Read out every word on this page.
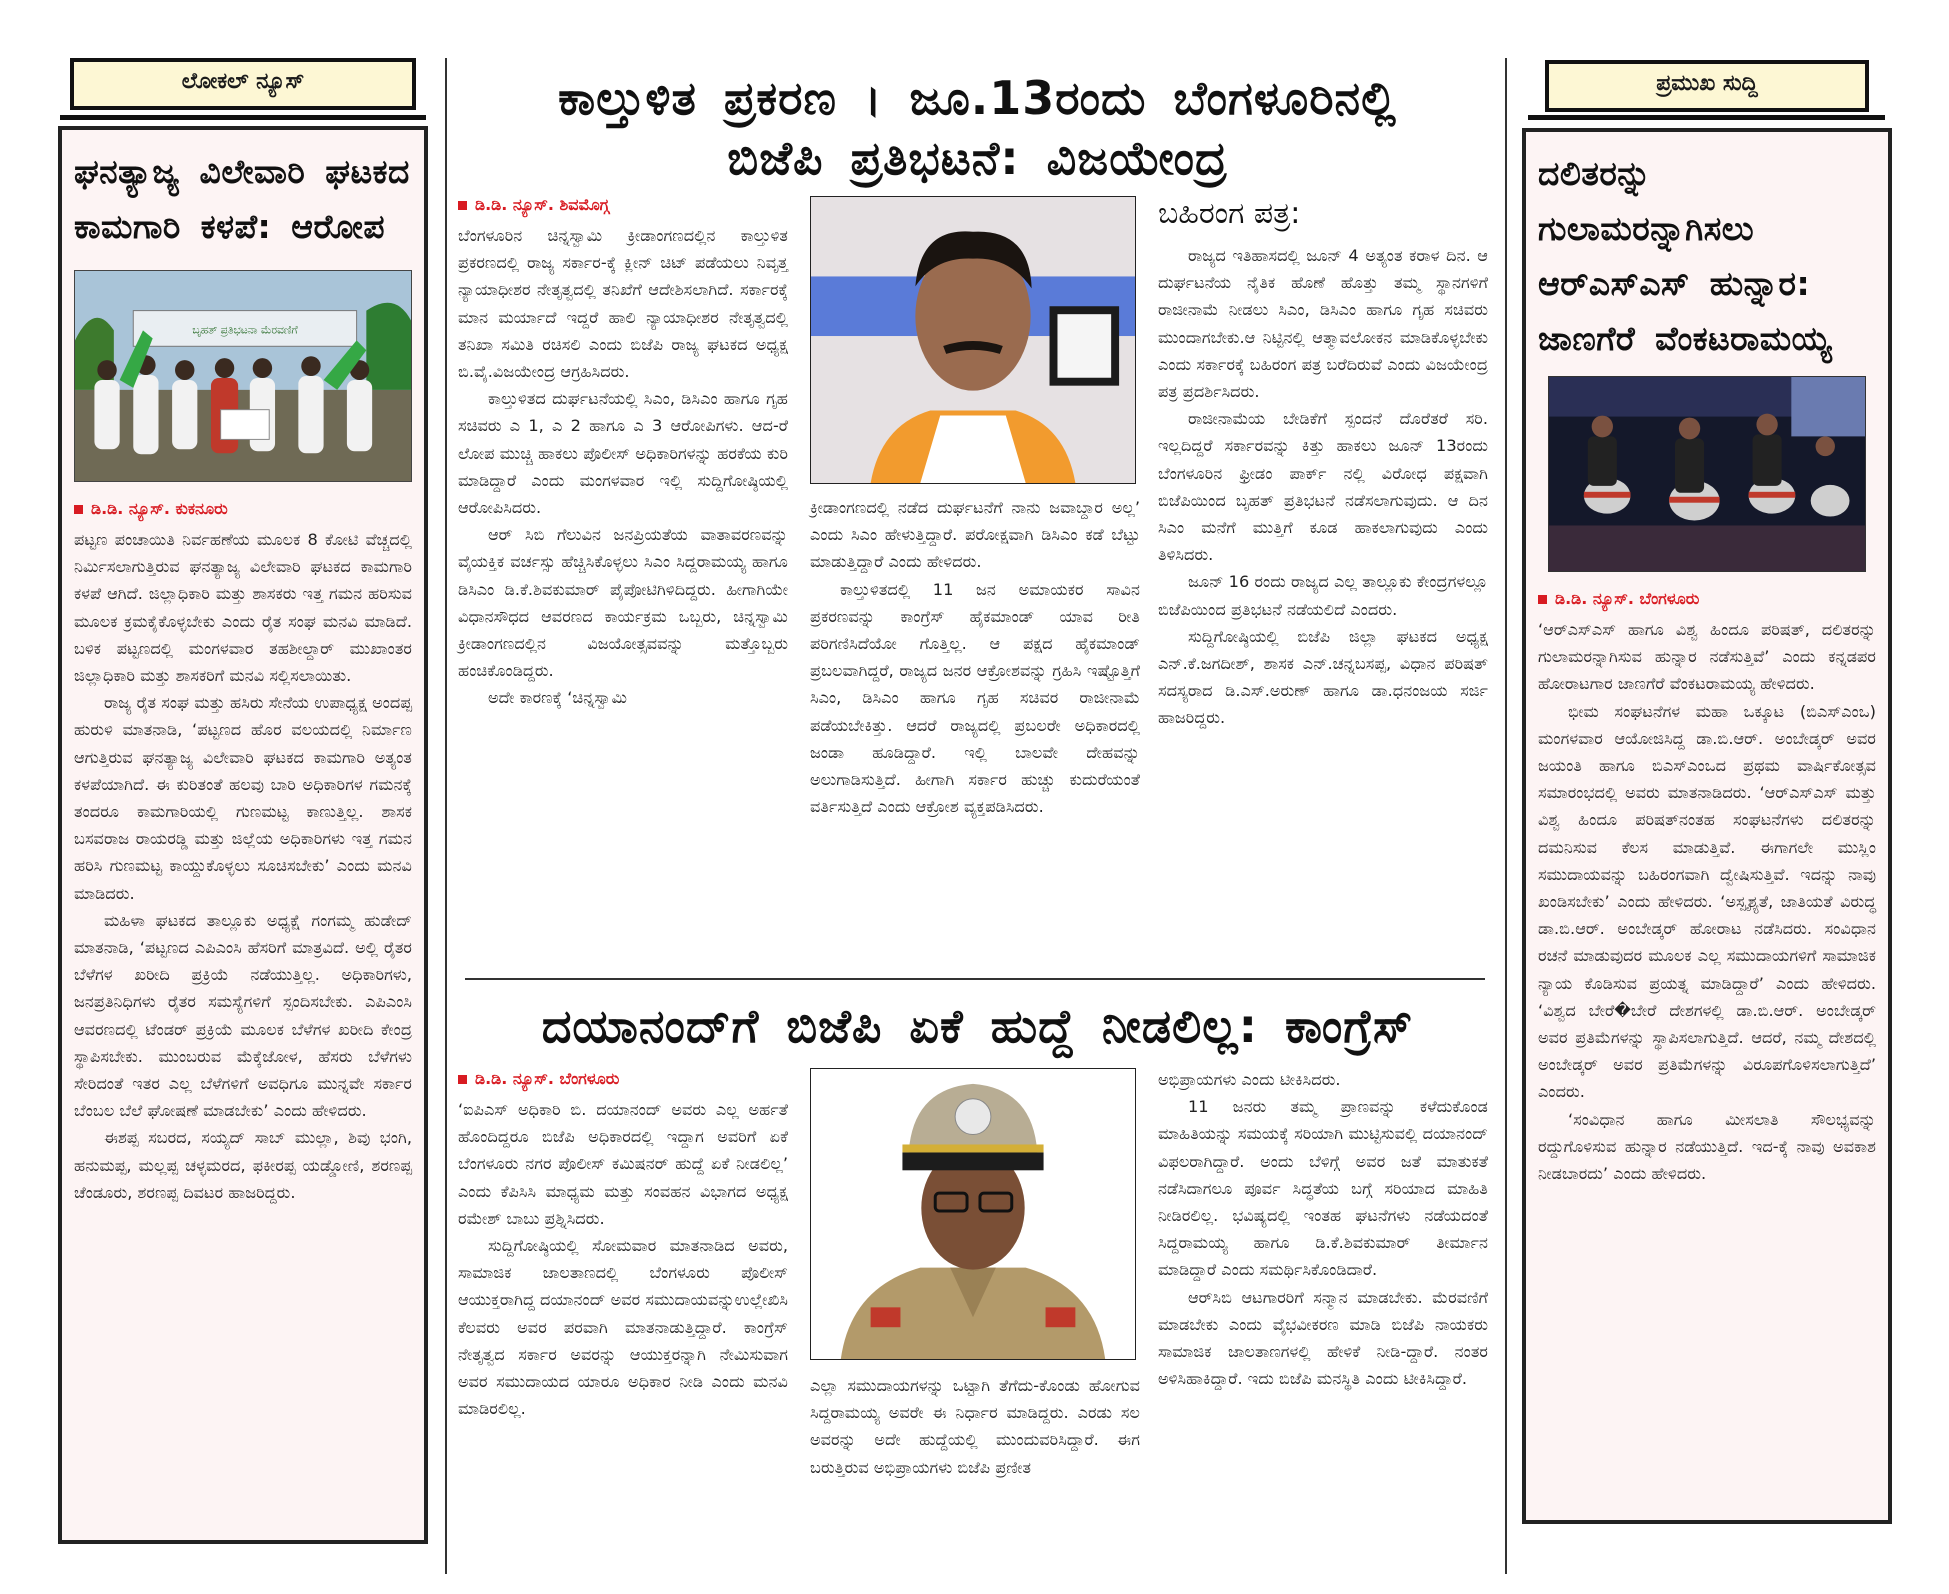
ಲೋಕಲ್ ನ್ಯೂಸ್
ಘನತ್ಯಾಜ್ಯ ವಿಲೇವಾರಿ ಘಟಕದ ಕಾಮಗಾರಿ ಕಳಪೆ: ಆರೋಪ
ಬೃಹತ್ ಪ್ರತಿಭಟನಾ ಮೆರವಣಿಗೆ
ಡಿ.ಡಿ. ನ್ಯೂಸ್. ಕುಕನೂರು

ಪಟ್ಟಣ ಪಂಚಾಯಿತಿ ನಿರ್ವಹಣೆಯ ಮೂಲಕ 8 ಕೋಟಿ ವೆಚ್ಚದಲ್ಲಿ ನಿರ್ಮಿಸಲಾಗುತ್ತಿರುವ ಘನತ್ಯಾಜ್ಯ ವಿಲೇವಾರಿ ಘಟಕದ ಕಾಮಗಾರಿ ಕಳಪೆ ಆಗಿದೆ. ಜಿಲ್ಲಾಧಿಕಾರಿ ಮತ್ತು ಶಾಸಕರು ಇತ್ತ ಗಮನ ಹರಿಸುವ ಮೂಲಕ ಕ್ರಮಕೈಕೊಳ್ಳಬೇಕು ಎಂದು ರೈತ ಸಂಘ ಮನವಿ ಮಾಡಿದೆ. ಬಳಿಕ ಪಟ್ಟಣದಲ್ಲಿ ಮಂಗಳವಾರ ತಹಶೀಲ್ದಾರ್ ಮುಖಾಂತರ ಜಿಲ್ಲಾಧಿಕಾರಿ ಮತ್ತು ಶಾಸಕರಿಗೆ ಮನವಿ ಸಲ್ಲಿಸಲಾಯಿತು.

ರಾಜ್ಯ ರೈತ ಸಂಘ ಮತ್ತು ಹಸಿರು ಸೇನೆಯ ಉಪಾಧ್ಯಕ್ಷ ಅಂದಪ್ಪ ಹುರುಳಿ ಮಾತನಾಡಿ, ‘ಪಟ್ಟಣದ ಹೊರ ವಲಯದಲ್ಲಿ ನಿರ್ಮಾಣ ಆಗುತ್ತಿರುವ ಘನತ್ಯಾಜ್ಯ ವಿಲೇವಾರಿ ಘಟಕದ ಕಾಮಗಾರಿ ಅತ್ಯಂತ ಕಳಪೆಯಾಗಿದೆ. ಈ ಕುರಿತಂತೆ ಹಲವು ಬಾರಿ ಅಧಿಕಾರಿಗಳ ಗಮನಕ್ಕೆ ತಂದರೂ ಕಾಮಗಾರಿಯಲ್ಲಿ ಗುಣಮಟ್ಟ ಕಾಣುತ್ತಿಲ್ಲ. ಶಾಸಕ ಬಸವರಾಜ ರಾಯರಡ್ಡಿ ಮತ್ತು ಜಿಲ್ಲೆಯ ಅಧಿಕಾರಿಗಳು ಇತ್ತ ಗಮನ ಹರಿಸಿ ಗುಣಮಟ್ಟ ಕಾಯ್ದುಕೊಳ್ಳಲು ಸೂಚಿಸಬೇಕು’ ಎಂದು ಮನವಿ ಮಾಡಿದರು.

ಮಹಿಳಾ ಘಟಕದ ತಾಲ್ಲೂಕು ಅಧ್ಯಕ್ಷೆ ಗಂಗಮ್ಮ ಹುಡೇದ್ ಮಾತನಾಡಿ, ‘ಪಟ್ಟಣದ ಎಪಿಎಂಸಿ ಹೆಸರಿಗೆ ಮಾತ್ರವಿದೆ. ಅಲ್ಲಿ ರೈತರ ಬೆಳೆಗಳ ಖರೀದಿ ಪ್ರಕ್ರಿಯೆ ನಡೆಯುತ್ತಿಲ್ಲ. ಅಧಿಕಾರಿಗಳು, ಜನಪ್ರತಿನಿಧಿಗಳು ರೈತರ ಸಮಸ್ಯೆಗಳಿಗೆ ಸ್ಪಂದಿಸಬೇಕು. ಎಪಿಎಂಸಿ ಆವರಣದಲ್ಲಿ ಟೆಂಡರ್ ಪ್ರಕ್ರಿಯೆ ಮೂಲಕ ಬೆಳೆಗಳ ಖರೀದಿ ಕೇಂದ್ರ ಸ್ಥಾಪಿಸಬೇಕು. ಮುಂಬರುವ ಮೆಕ್ಕೆಜೋಳ, ಹೆಸರು ಬೆಳೆಗಳು ಸೇರಿದಂತೆ ಇತರ ಎಲ್ಲ ಬೆಳೆಗಳಿಗೆ ಅವಧಿಗೂ ಮುನ್ನವೇ ಸರ್ಕಾರ ಬೆಂಬಲ ಬೆಲೆ ಘೋಷಣೆ ಮಾಡಬೇಕು’ ಎಂದು ಹೇಳಿದರು.

ಈಶಪ್ಪ ಸಬರದ, ಸಯ್ಯದ್ ಸಾಬ್ ಮುಲ್ಲಾ, ಶಿವು ಭಂಗಿ, ಹನುಮಪ್ಪ, ಮಲ್ಲಪ್ಪ ಚಳ್ಳಮರದ, ಫಕೀರಪ್ಪ ಯಡ್ಡೋಣಿ, ಶರಣಪ್ಪ ಚೆಂಡೂರು, ಶರಣಪ್ಪ ದಿವಟರ ಹಾಜರಿದ್ದರು.

ಕಾಲ್ತುಳಿತ ಪ್ರಕರಣ । ಜೂ.13ರಂದು ಬೆಂಗಳೂರಿನಲ್ಲಿ
ಬಿಜೆಪಿ ಪ್ರತಿಭಟನೆ: ವಿಜಯೇಂದ್ರ
ಡಿ.ಡಿ. ನ್ಯೂಸ್. ಶಿವಮೊಗ್ಗ

ಬೆಂಗಳೂರಿನ ಚಿನ್ನಸ್ವಾಮಿ ಕ್ರೀಡಾಂಗಣದಲ್ಲಿನ ಕಾಲ್ತುಳಿತ ಪ್ರಕರಣದಲ್ಲಿ ರಾಜ್ಯ ಸರ್ಕಾರ-ಕ್ಕೆ ಕ್ಲೀನ್ ಚಿಟ್ ಪಡೆಯಲು ನಿವೃತ್ತ ನ್ಯಾಯಾಧೀಶರ ನೇತೃತ್ವದಲ್ಲಿ ತನಿಖೆಗೆ ಆದೇಶಿಸಲಾಗಿದೆ. ಸರ್ಕಾರಕ್ಕೆ ಮಾನ ಮರ್ಯಾದೆ ಇದ್ದರೆ ಹಾಲಿ ನ್ಯಾಯಾಧೀಶರ ನೇತೃತ್ವದಲ್ಲಿ ತನಿಖಾ ಸಮಿತಿ ರಚಿಸಲಿ ಎಂದು ಬಿಜೆಪಿ ರಾಜ್ಯ ಘಟಕದ ಅಧ್ಯಕ್ಷ ಬಿ.ವೈ.ವಿಜಯೇಂದ್ರ ಆಗ್ರಹಿಸಿದರು.

ಕಾಲ್ತುಳಿತದ ದುರ್ಘಟನೆಯಲ್ಲಿ ಸಿಎಂ, ಡಿಸಿಎಂ ಹಾಗೂ ಗೃಹ ಸಚಿವರು ಎ 1, ಎ 2 ಹಾಗೂ ಎ 3 ಆರೋಪಿಗಳು. ಆದ-ರೆ ಲೋಪ ಮುಚ್ಚಿ ಹಾಕಲು ಪೊಲೀಸ್ ಅಧಿಕಾರಿಗಳನ್ನು ಹರಕೆಯ ಕುರಿ ಮಾಡಿದ್ದಾರೆ ಎಂದು ಮಂಗಳವಾರ ಇಲ್ಲಿ ಸುದ್ದಿಗೋಷ್ಠಿಯಲ್ಲಿ ಆರೋಪಿಸಿದರು.

ಆರ್ ಸಿಬಿ ಗೆಲುವಿನ ಜನಪ್ರಿಯತೆಯ ವಾತಾವರಣವನ್ನು ವೈಯಕ್ತಿಕ ವರ್ಚಸ್ಸು ಹೆಚ್ಚಿಸಿಕೊಳ್ಳಲು ಸಿಎಂ ಸಿದ್ದರಾಮಯ್ಯ ಹಾಗೂ ಡಿಸಿಎಂ ಡಿ.ಕೆ.ಶಿವಕುಮಾರ್ ಪೈಪೋಟಿಗಿಳಿದಿದ್ದರು. ಹೀಗಾಗಿಯೇ ವಿಧಾನಸೌಧದ ಆವರಣದ ಕಾರ್ಯಕ್ರಮ ಒಬ್ಬರು, ಚಿನ್ನಸ್ವಾಮಿ ಕ್ರೀಡಾಂಗಣದಲ್ಲಿನ ವಿಜಯೋತ್ಸವವನ್ನು ಮತ್ತೊಬ್ಬರು ಹಂಚಿಕೊಂಡಿದ್ದರು.

ಅದೇ ಕಾರಣಕ್ಕೆ ‘ಚಿನ್ನಸ್ವಾಮಿ

ಕ್ರೀಡಾಂಗಣದಲ್ಲಿ ನಡೆದ ದುರ್ಘಟನೆಗೆ ನಾನು ಜವಾಬ್ದಾರ ಅಲ್ಲ’ ಎಂದು ಸಿಎಂ ಹೇಳುತ್ತಿದ್ದಾರೆ. ಪರೋಕ್ಷವಾಗಿ ಡಿಸಿಎಂ ಕಡೆ ಬೆಟ್ಟು ಮಾಡುತ್ತಿದ್ದಾರೆ ಎಂದು ಹೇಳಿದರು.

ಕಾಲ್ತುಳಿತದಲ್ಲಿ 11 ಜನ ಅಮಾಯಕರ ಸಾವಿನ ಪ್ರಕರಣವನ್ನು ಕಾಂಗ್ರೆಸ್ ಹೈಕಮಾಂಡ್ ಯಾವ ರೀತಿ ಪರಿಗಣಿಸಿದೆಯೋ ಗೊತ್ತಿಲ್ಲ. ಆ ಪಕ್ಷದ ಹೈಕಮಾಂಡ್ ಪ್ರಬಲವಾಗಿದ್ದರೆ, ರಾಜ್ಯದ ಜನರ ಆಕ್ರೋಶವನ್ನು ಗ್ರಹಿಸಿ ಇಷ್ಟೊತ್ತಿಗೆ ಸಿಎಂ, ಡಿಸಿಎಂ ಹಾಗೂ ಗೃಹ ಸಚಿವರ ರಾಜೀನಾಮೆ ಪಡೆಯಬೇಕಿತ್ತು. ಆದರೆ ರಾಜ್ಯದಲ್ಲಿ ಪ್ರಬಲರೇ ಅಧಿಕಾರದಲ್ಲಿ ಜಂಡಾ ಹೂಡಿದ್ದಾರೆ. ಇಲ್ಲಿ ಬಾಲವೇ ದೇಹವನ್ನು ಅಲುಗಾಡಿಸುತ್ತಿದೆ. ಹೀಗಾಗಿ ಸರ್ಕಾರ ಹುಚ್ಚು ಕುದುರೆಯಂತೆ ವರ್ತಿಸುತ್ತಿದೆ ಎಂದು ಆಕ್ರೋಶ ವ್ಯಕ್ತಪಡಿಸಿದರು.

ಬಹಿರಂಗ ಪತ್ರ:

ರಾಜ್ಯದ ಇತಿಹಾಸದಲ್ಲಿ ಜೂನ್ 4 ಅತ್ಯಂತ ಕರಾಳ ದಿನ. ಆ ದುರ್ಘಟನೆಯ ನೈತಿಕ ಹೊಣೆ ಹೊತ್ತು ತಮ್ಮ ಸ್ಥಾನಗಳಿಗೆ ರಾಜೀನಾಮೆ ನೀಡಲು ಸಿಎಂ, ಡಿಸಿಎಂ ಹಾಗೂ ಗೃಹ ಸಚಿವರು ಮುಂದಾಗಬೇಕು.ಆ ನಿಟ್ಟಿನಲ್ಲಿ ಆತ್ಮಾವಲೋಕನ ಮಾಡಿಕೊಳ್ಳಬೇಕು ಎಂದು ಸರ್ಕಾರಕ್ಕೆ ಬಹಿರಂಗ ಪತ್ರ ಬರೆದಿರುವೆ ಎಂದು ವಿಜಯೇಂದ್ರ ಪತ್ರ ಪ್ರದರ್ಶಿಸಿದರು.

ರಾಜೀನಾಮೆಯ ಬೇಡಿಕೆಗೆ ಸ್ಪಂದನೆ ದೊರೆತರೆ ಸರಿ. ಇಲ್ಲದಿದ್ದರೆ ಸರ್ಕಾರವನ್ನು ಕಿತ್ತು ಹಾಕಲು ಜೂನ್ 13ರಂದು ಬೆಂಗಳೂರಿನ ಫ್ರೀಡಂ ಪಾರ್ಕ್ ನಲ್ಲಿ ವಿರೋಧ ಪಕ್ಷವಾಗಿ ಬಿಜೆಪಿಯಿಂದ ಬೃಹತ್ ಪ್ರತಿಭಟನೆ ನಡೆಸಲಾಗುವುದು. ಆ ದಿನ ಸಿಎಂ ಮನೆಗೆ ಮುತ್ತಿಗೆ ಕೂಡ ಹಾಕಲಾಗುವುದು ಎಂದು ತಿಳಿಸಿದರು.

ಜೂನ್ 16 ರಂದು ರಾಜ್ಯದ ಎಲ್ಲ ತಾಲ್ಲೂಕು ಕೇಂದ್ರಗಳಲ್ಲೂ ಬಿಜೆಪಿಯಿಂದ ಪ್ರತಿಭಟನೆ ನಡೆಯಲಿದೆ ಎಂದರು.

ಸುದ್ದಿಗೋಷ್ಠಿಯಲ್ಲಿ ಬಿಜೆಪಿ ಜಿಲ್ಲಾ ಘಟಕದ ಅಧ್ಯಕ್ಷ ಎನ್.ಕೆ.ಜಗದೀಶ್, ಶಾಸಕ ಎನ್.ಚನ್ನಬಸಪ್ಪ, ವಿಧಾನ ಪರಿಷತ್ ಸದಸ್ಯರಾದ ಡಿ.ಎಸ್.ಅರುಣ್ ಹಾಗೂ ಡಾ.ಧನಂಜಯ ಸರ್ಜಿ ಹಾಜರಿದ್ದರು.

ದಯಾನಂದ್‌ಗೆ ಬಿಜೆಪಿ ಏಕೆ ಹುದ್ದೆ ನೀಡಲಿಲ್ಲ: ಕಾಂಗ್ರೆಸ್
ಡಿ.ಡಿ. ನ್ಯೂಸ್. ಬೆಂಗಳೂರು

‘ಐಪಿಎಸ್ ಅಧಿಕಾರಿ ಬಿ. ದಯಾನಂದ್ ಅವರು ಎಲ್ಲ ಅರ್ಹತೆ ಹೊಂದಿದ್ದರೂ ಬಿಜೆಪಿ ಅಧಿಕಾರದಲ್ಲಿ ಇದ್ದಾಗ ಅವರಿಗೆ ಏಕೆ ಬೆಂಗಳೂರು ನಗರ ಪೊಲೀಸ್ ಕಮಿಷನರ್ ಹುದ್ದೆ ಏಕೆ ನೀಡಲಿಲ್ಲ’ ಎಂದು ಕೆಪಿಸಿಸಿ ಮಾಧ್ಯಮ ಮತ್ತು ಸಂವಹನ ವಿಭಾಗದ ಅಧ್ಯಕ್ಷ ರಮೇಶ್ ಬಾಬು ಪ್ರಶ್ನಿಸಿದರು.

ಸುದ್ದಿಗೋಷ್ಠಿಯಲ್ಲಿ ಸೋಮವಾರ ಮಾತನಾಡಿದ ಅವರು, ಸಾಮಾಜಿಕ ಜಾಲತಾಣದಲ್ಲಿ ಬೆಂಗಳೂರು ಪೊಲೀಸ್ ಆಯುಕ್ತರಾಗಿದ್ದ ದಯಾನಂದ್ ಅವರ ಸಮುದಾಯವನ್ನುಉಲ್ಲೇಖಿಸಿ ಕೆಲವರು ಅವರ ಪರವಾಗಿ ಮಾತನಾಡುತ್ತಿದ್ದಾರೆ. ಕಾಂಗ್ರೆಸ್ ನೇತೃತ್ವದ ಸರ್ಕಾರ ಅವರನ್ನು ಆಯುಕ್ತರನ್ನಾಗಿ ನೇಮಿಸುವಾಗ ಅವರ ಸಮುದಾಯದ ಯಾರೂ ಅಧಿಕಾರ ನೀಡಿ ಎಂದು ಮನವಿ ಮಾಡಿರಲಿಲ್ಲ.

ಎಲ್ಲಾ ಸಮುದಾಯಗಳನ್ನು ಒಟ್ಟಾಗಿ ತೆಗೆದು-ಕೊಂಡು ಹೋಗುವ ಸಿದ್ದರಾಮಯ್ಯ ಅವರೇ ಈ ನಿರ್ಧಾರ ಮಾಡಿದ್ದರು. ಎರಡು ಸಲ ಅವರನ್ನು ಅದೇ ಹುದ್ದೆಯಲ್ಲಿ ಮುಂದುವರಿಸಿದ್ದಾರೆ. ಈಗ ಬರುತ್ತಿರುವ ಅಭಿಪ್ರಾಯಗಳು ಬಿಜೆಪಿ ಪ್ರಣೀತ

ಅಭಿಪ್ರಾಯಗಳು ಎಂದು ಟೀಕಿಸಿದರು.

11 ಜನರು ತಮ್ಮ ಪ್ರಾಣವನ್ನು ಕಳೆದುಕೊಂಡ ಮಾಹಿತಿಯನ್ನು ಸಮಯಕ್ಕೆ ಸರಿಯಾಗಿ ಮುಟ್ಟಿಸುವಲ್ಲಿ ದಯಾನಂದ್ ವಿಫಲರಾಗಿದ್ದಾರೆ. ಅಂದು ಬೆಳಿಗ್ಗೆ ಅವರ ಜತೆ ಮಾತುಕತೆ ನಡೆಸಿದಾಗಲೂ ಪೂರ್ವ ಸಿದ್ಧತೆಯ ಬಗ್ಗೆ ಸರಿಯಾದ ಮಾಹಿತಿ ನೀಡಿರಲಿಲ್ಲ. ಭವಿಷ್ಯದಲ್ಲಿ ಇಂತಹ ಘಟನೆಗಳು ನಡೆಯದಂತೆ ಸಿದ್ದರಾಮಯ್ಯ ಹಾಗೂ ಡಿ.ಕೆ.ಶಿವಕುಮಾರ್ ತೀರ್ಮಾನ ಮಾಡಿದ್ದಾರೆ ಎಂದು ಸಮರ್ಥಿಸಿಕೊಂಡಿದಾರೆ.

ಆರ್‌ಸಿಬಿ ಆಟಗಾರರಿಗೆ ಸನ್ಮಾನ ಮಾಡಬೇಕು. ಮೆರವಣಿಗೆ ಮಾಡಬೇಕು ಎಂದು ವೈಭವೀಕರಣ ಮಾಡಿ ಬಿಜೆಪಿ ನಾಯಕರು ಸಾಮಾಜಿಕ ಜಾಲತಾಣಗಳಲ್ಲಿ ಹೇಳಿಕೆ ನೀಡಿ-ದ್ದಾರೆ. ನಂತರ ಅಳಿಸಿಹಾಕಿದ್ದಾರೆ. ಇದು ಬಿಜೆಪಿ ಮನಸ್ಥಿತಿ ಎಂದು ಟೀಕಿಸಿದ್ದಾರೆ.

ಪ್ರಮುಖ ಸುದ್ದಿ
ದಲಿತರನ್ನು ಗುಲಾಮರನ್ನಾಗಿಸಲು ಆರ್‌ಎಸ್‌ಎಸ್ ಹುನ್ನಾರ: ಜಾಣಗೆರೆ ವೆಂಕಟರಾಮಯ್ಯ
ಡಿ.ಡಿ. ನ್ಯೂಸ್. ಬೆಂಗಳೂರು

‘ಆರ್‌ಎಸ್‌ಎಸ್ ಹಾಗೂ ವಿಶ್ವ ಹಿಂದೂ ಪರಿಷತ್, ದಲಿತರನ್ನು ಗುಲಾಮರನ್ನಾಗಿಸುವ ಹುನ್ನಾರ ನಡೆಸುತ್ತಿವೆ’ ಎಂದು ಕನ್ನಡಪರ ಹೋರಾಟಗಾರ ಜಾಣಗೆರೆ ವೆಂಕಟರಾಮಯ್ಯ ಹೇಳಿದರು.

ಭೀಮ ಸಂಘಟನೆಗಳ ಮಹಾ ಒಕ್ಕೂಟ (ಬಿಎಸ್‌ಎಂಒ) ಮಂಗಳವಾರ ಆಯೋಜಿಸಿದ್ದ ಡಾ.ಬಿ.ಆರ್. ಅಂಬೇಡ್ಕರ್ ಅವರ ಜಯಂತಿ ಹಾಗೂ ಬಿಎಸ್‌ಎಂಒದ ಪ್ರಥಮ ವಾರ್ಷಿಕೋತ್ಸವ ಸಮಾರಂಭದಲ್ಲಿ ಅವರು ಮಾತನಾಡಿದರು. ‘ಆರ್‌ಎಸ್‌ಎಸ್ ಮತ್ತು ವಿಶ್ವ ಹಿಂದೂ ಪರಿಷತ್‌ನಂತಹ ಸಂಘಟನೆಗಳು ದಲಿತರನ್ನು ದಮನಿಸುವ ಕೆಲಸ ಮಾಡುತ್ತಿವೆ. ಈಗಾಗಲೇ ಮುಸ್ಲಿಂ ಸಮುದಾಯವನ್ನು ಬಹಿರಂಗವಾಗಿ ದ್ವೇಷಿಸುತ್ತಿವೆ. ಇದನ್ನು ನಾವು ಖಂಡಿಸಬೇಕು’ ಎಂದು ಹೇಳಿದರು. ‘ಅಸ್ಪೃಶ್ಯತೆ, ಜಾತಿಯತೆ ವಿರುದ್ಧ ಡಾ.ಬಿ.ಆರ್. ಅಂಬೇಡ್ಕರ್ ಹೋರಾಟ ನಡೆಸಿದರು. ಸಂವಿಧಾನ ರಚನೆ ಮಾಡುವುದರ ಮೂಲಕ ಎಲ್ಲ ಸಮುದಾಯಗಳಿಗೆ ಸಾಮಾಜಿಕ ನ್ಯಾಯ ಕೊಡಿಸುವ ಪ್ರಯತ್ನ ಮಾಡಿದ್ದಾರೆ’ ಎಂದು ಹೇಳಿದರು. ‘ವಿಶ್ವದ ಬೇರೆ�ಬೇರೆ ದೇಶಗಳಲ್ಲಿ ಡಾ.ಬಿ.ಆರ್. ಅಂಬೇಡ್ಕರ್ ಅವರ ಪ್ರತಿಮೆಗಳನ್ನು ಸ್ಥಾಪಿಸಲಾಗುತ್ತಿದೆ. ಆದರೆ, ನಮ್ಮ ದೇಶದಲ್ಲಿ ಅಂಬೇಡ್ಕರ್ ಅವರ ಪ್ರತಿಮೆಗಳನ್ನು ವಿರೂಪಗೊಳಿಸಲಾಗುತ್ತಿದೆ’ ಎಂದರು.

‘ಸಂವಿಧಾನ ಹಾಗೂ ಮೀಸಲಾತಿ ಸೌಲಭ್ಯವನ್ನು ರದ್ದುಗೊಳಿಸುವ ಹುನ್ನಾರ ನಡೆಯುತ್ತಿದೆ. ಇದ-ಕ್ಕೆ ನಾವು ಅವಕಾಶ ನೀಡಬಾರದು’ ಎಂದು ಹೇಳಿದರು.
